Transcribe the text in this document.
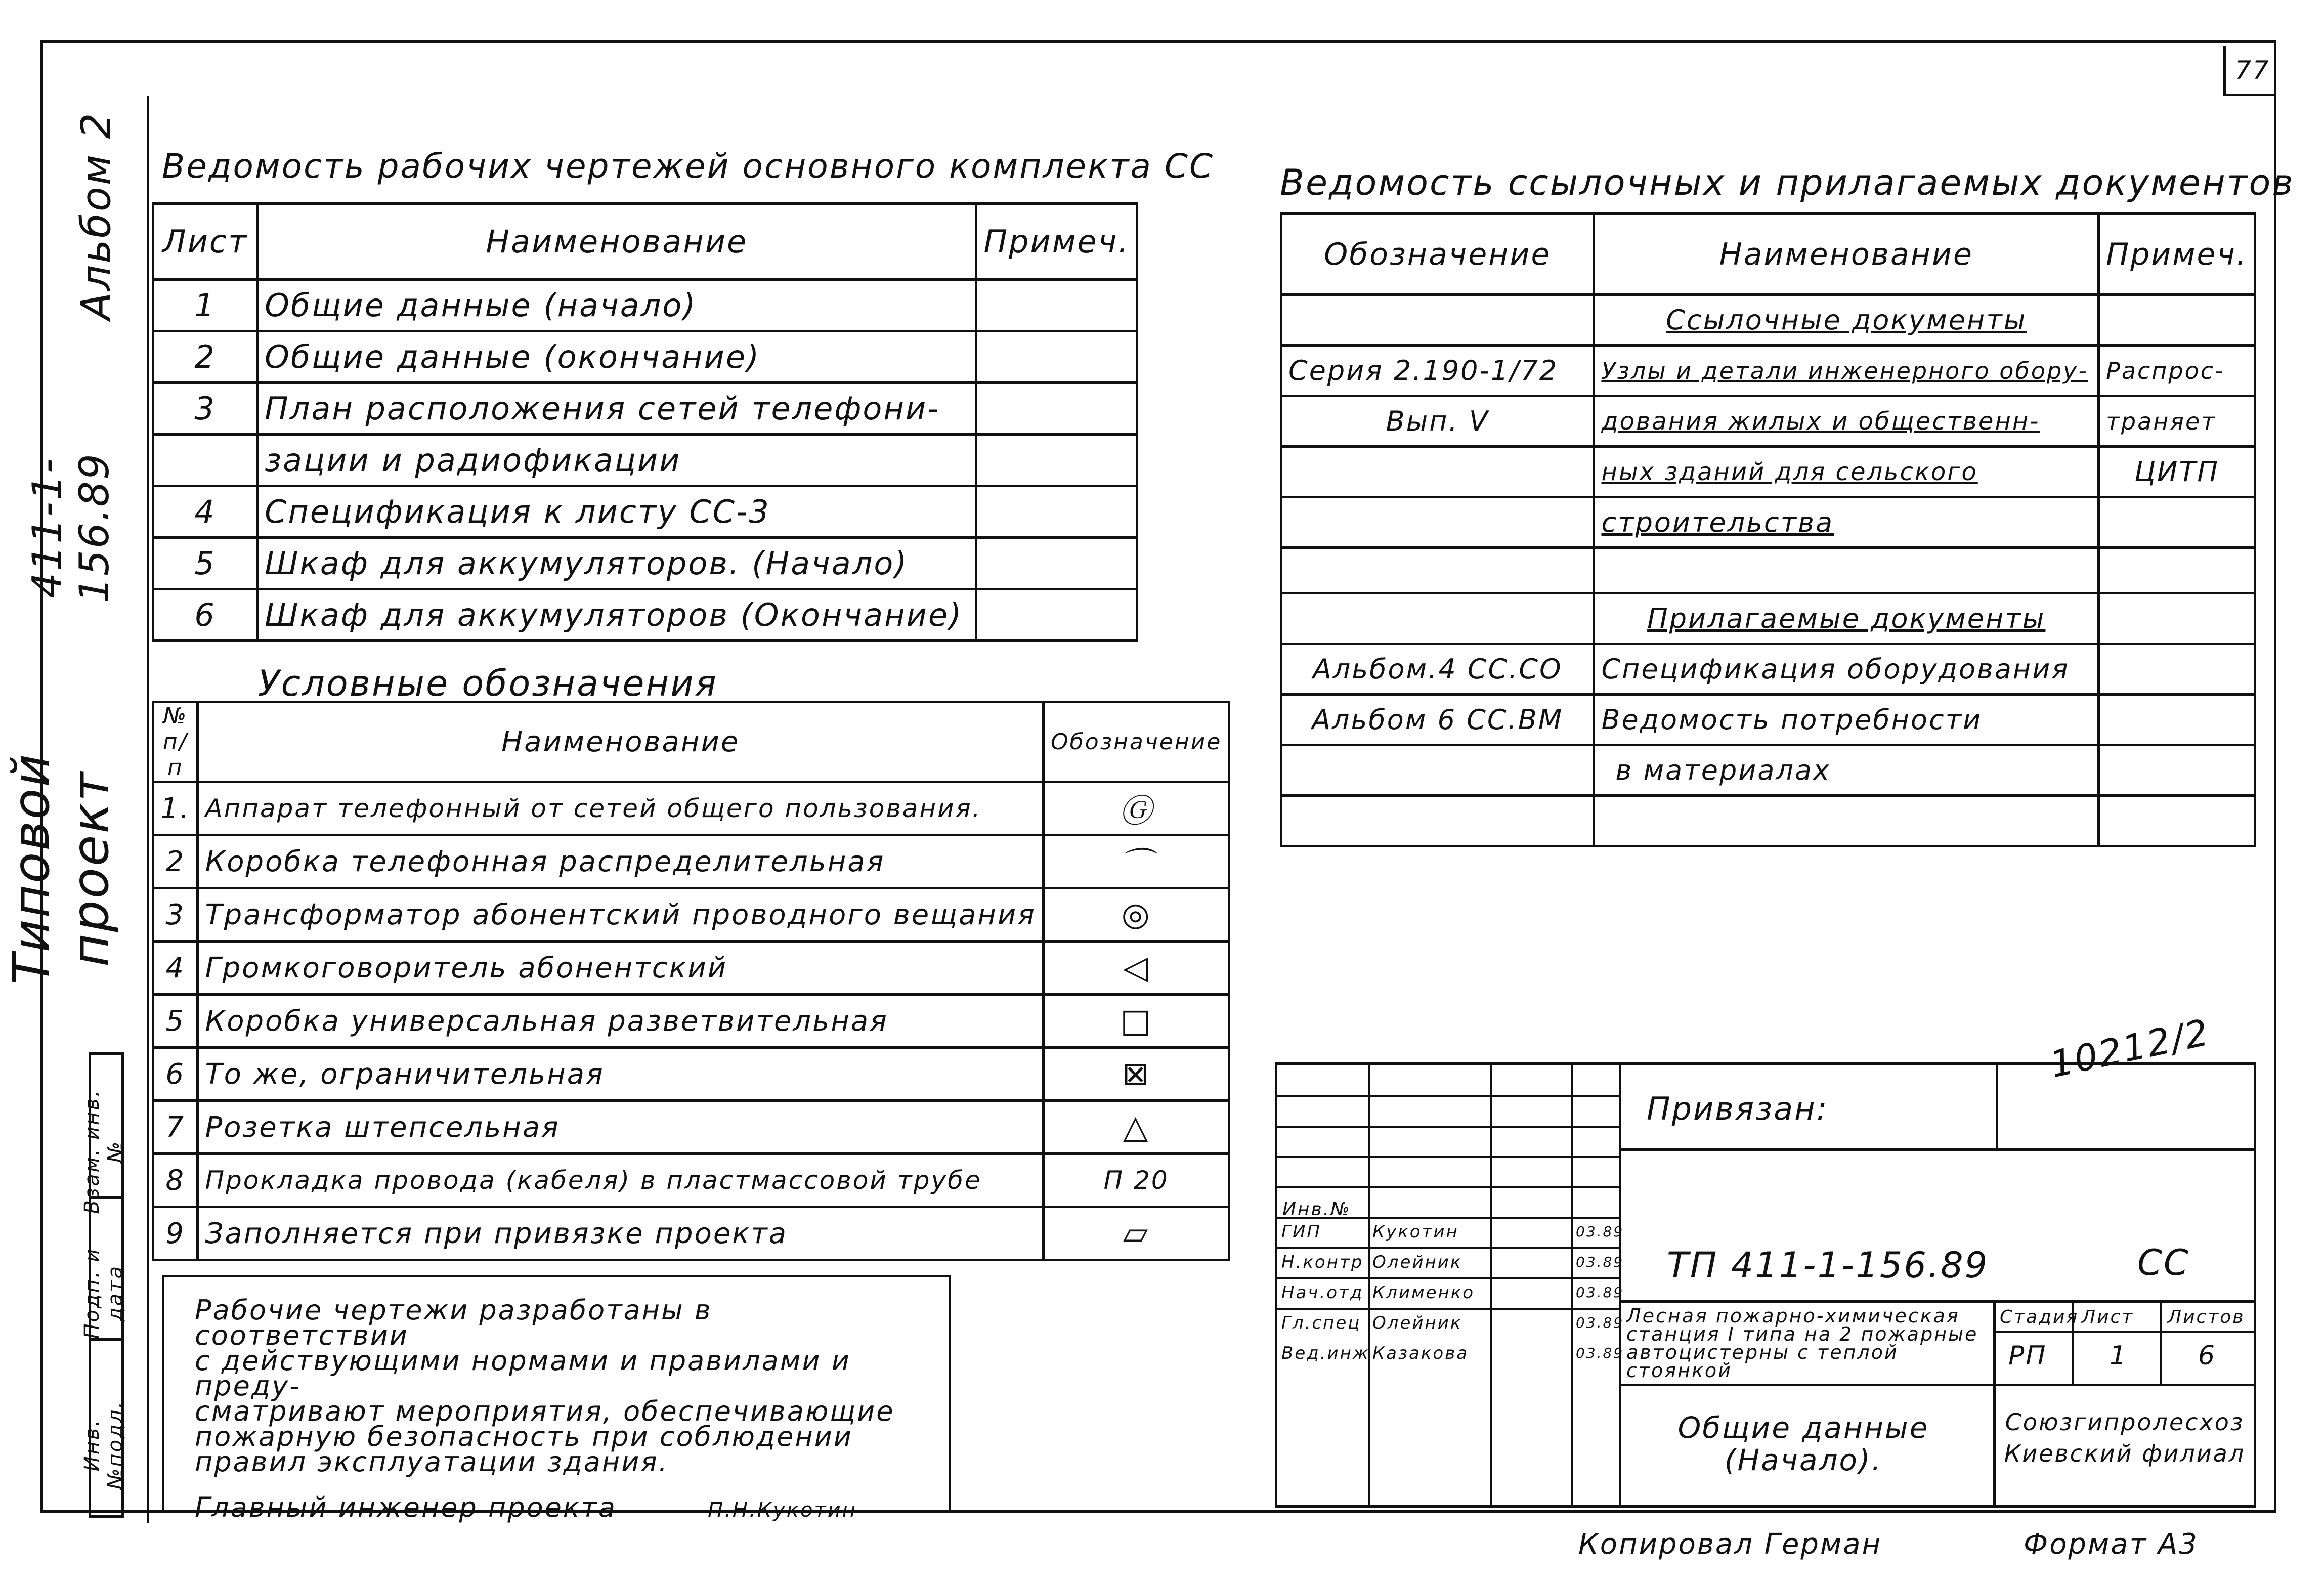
77
Альбом 2
411-1-156.89
Типовой проект
Инв. №подл.
Подп. и дата
Взам. инв. №
Ведомость рабочих чертежей основного комплекта СС
Лист	Наименование	Примеч.
1	Общие данные (начало)	
2	Общие данные (окончание)	
3	План расположения сетей телефони-	
	зации и радиофикации	
4	Спецификация к листу СС-3	
5	Шкаф для аккумуляторов. (Начало)	
6	Шкаф для аккумуляторов (Окончание)	
Условные обозначения
№ п/п	Наименование	Обозначение
1.	Аппарат телефонный от сетей общего пользования.	Ⓖ
2	Коробка телефонная распределительная	⌒
3	Трансформатор абонентский проводного вещания	◎
4	Громкоговоритель абонентский	◁
5	Коробка универсальная разветвительная	□
6	То же, ограничительная	⊠
7	Розетка штепсельная	△
8	Прокладка провода (кабеля) в пластмассовой трубе	П 20
9	Заполняется при привязке проекта	▱
Рабочие чертежи разработаны в соответствии
с действующими нормами и правилами и преду-
сматривают мероприятия, обеспечивающие
пожарную безопасность при соблюдении
правил эксплуатации здания.
Главный инженер проекта	П.Н.Кукотин
Ведомость ссылочных и прилагаемых документов
Обозначение	Наименование	Примеч.
	Ссылочные документы	
Серия 2.190-1/72	Узлы и детали инженерного обору-	Распрос-
Вып. V	дования жилых и общественн-	траняет
	ных зданий для сельского	ЦИТП
	строительства	

	Прилагаемые документы	
Альбом.4 СС.СО	Спецификация оборудования	
Альбом 6 СС.ВМ	Ведомость потребности	
	в материалах	

10212/2
Инв.№
ГИП	Кукотин	03.89
Н.контр Олейник	03.89
Нач.отд Клименко	03.89
Гл.спец Олейник	03.89
Вед.инж Казакова	03.89
Привязан:
ТП 411-1-156.89	СС
Лесная пожарно-химическая станция I типа на 2 пожарные автоцистерны с теплой стоянкой
Стадия Лист Листов
РП 1	6
Общие данные (Начало).
Союзгипролесхоз Киевский филиал
Копировал Герман	Формат А3
